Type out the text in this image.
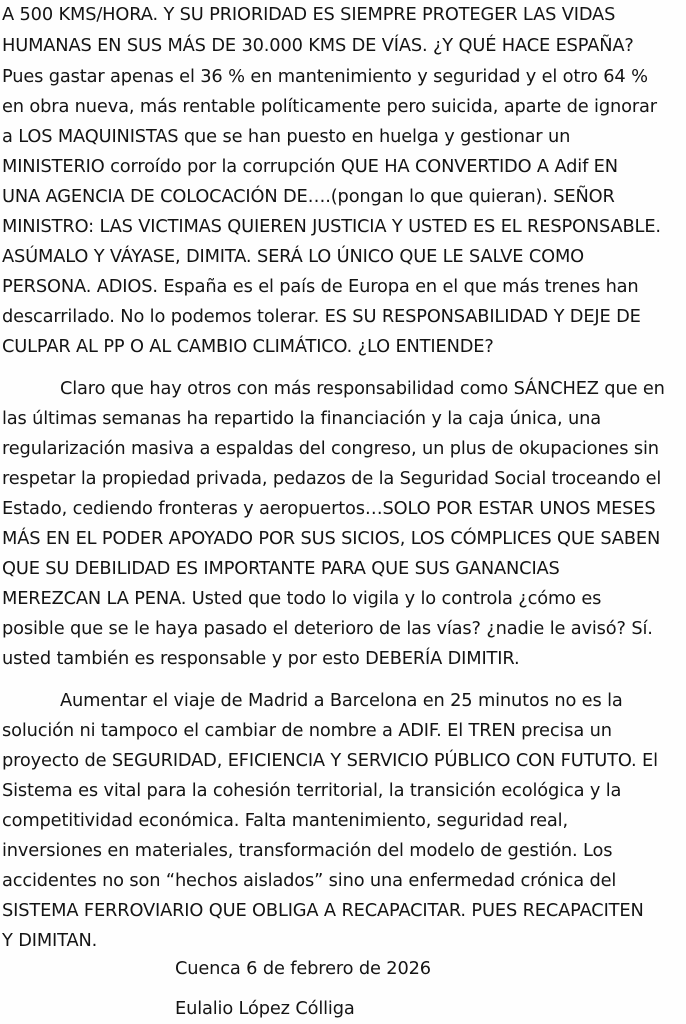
A 500 KMS/HORA. Y SU PRIORIDAD ES SIEMPRE PROTEGER LAS VIDAS
HUMANAS EN SUS MÁS DE 30.000 KMS DE VÍAS. ¿Y QUÉ HACE ESPAÑA?
Pues gastar apenas el 36 % en mantenimiento y seguridad y el otro 64 %
en obra nueva, más rentable políticamente pero suicida, aparte de ignorar
a LOS MAQUINISTAS que se han puesto en huelga y gestionar un
MINISTERIO corroído por la corrupción QUE HA CONVERTIDO A Adif EN
UNA AGENCIA DE COLOCACIÓN DE….(pongan lo que quieran). SEÑOR
MINISTRO: LAS VICTIMAS QUIEREN JUSTICIA Y USTED ES EL RESPONSABLE.
ASÚMALO Y VÁYASE, DIMITA. SERÁ LO ÚNICO QUE LE SALVE COMO
PERSONA. ADIOS. España es el país de Europa en el que más trenes han
descarrilado. No lo podemos tolerar. ES SU RESPONSABILIDAD Y DEJE DE
CULPAR AL PP O AL CAMBIO CLIMÁTICO. ¿LO ENTIENDE?
Claro que hay otros con más responsabilidad como SÁNCHEZ que en
las últimas semanas ha repartido la financiación y la caja única, una
regularización masiva a espaldas del congreso, un plus de okupaciones sin
respetar la propiedad privada, pedazos de la Seguridad Social troceando el
Estado, cediendo fronteras y aeropuertos…SOLO POR ESTAR UNOS MESES
MÁS EN EL PODER APOYADO POR SUS SICIOS, LOS CÓMPLICES QUE SABEN
QUE SU DEBILIDAD ES IMPORTANTE PARA QUE SUS GANANCIAS
MEREZCAN LA PENA. Usted que todo lo vigila y lo controla ¿cómo es
posible que se le haya pasado el deterioro de las vías? ¿nadie le avisó? Sí.
usted también es responsable y por esto DEBERÍA DIMITIR.
Aumentar el viaje de Madrid a Barcelona en 25 minutos no es la
solución ni tampoco el cambiar de nombre a ADIF. El TREN precisa un
proyecto de SEGURIDAD, EFICIENCIA Y SERVICIO PÚBLICO CON FUTUTO. El
Sistema es vital para la cohesión territorial, la transición ecológica y la
competitividad económica. Falta mantenimiento, seguridad real,
inversiones en materiales, transformación del modelo de gestión. Los
accidentes no son “hechos aislados” sino una enfermedad crónica del
SISTEMA FERROVIARIO QUE OBLIGA A RECAPACITAR. PUES RECAPACITEN
Y DIMITAN.
Cuenca 6 de febrero de 2026
Eulalio López Cólliga
